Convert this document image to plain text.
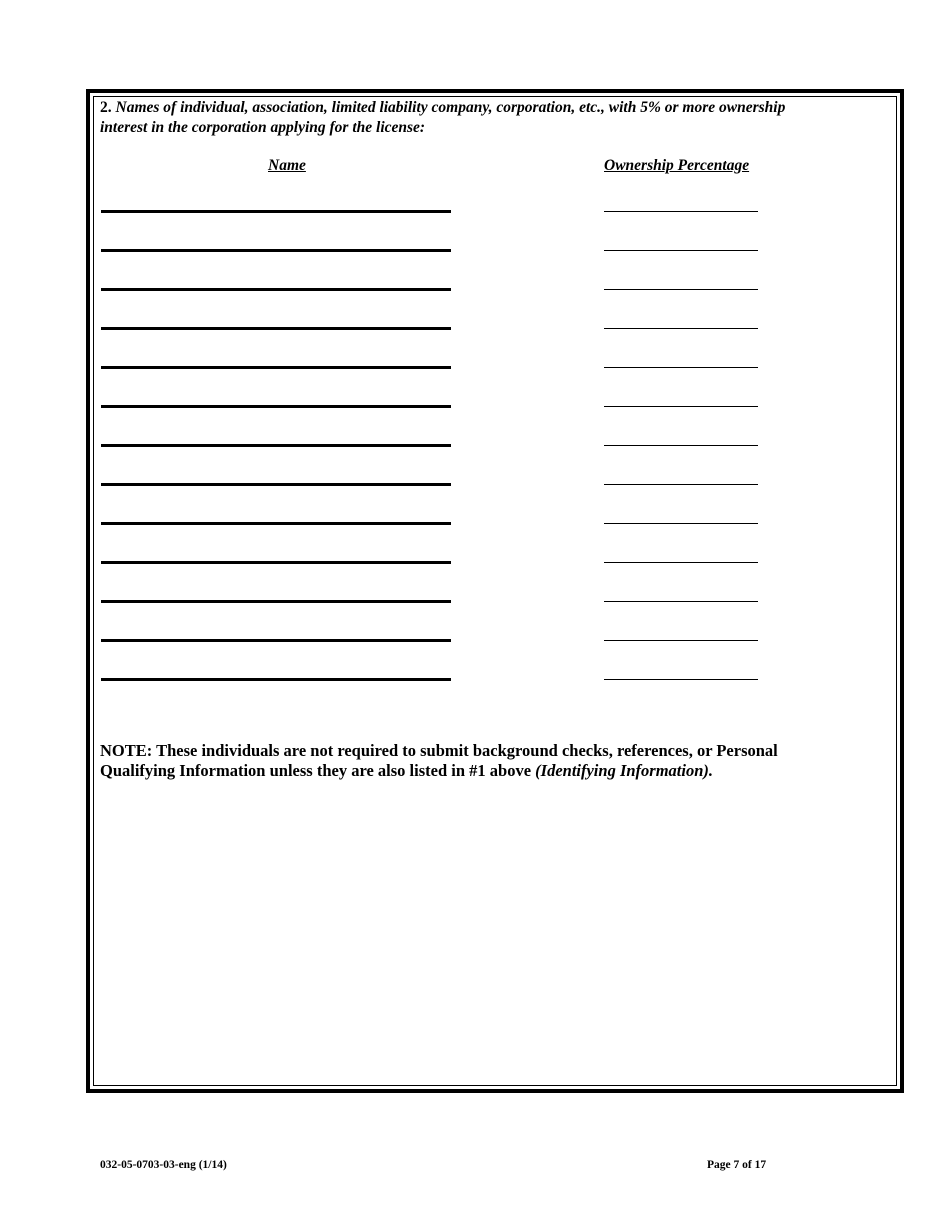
2. Names of individual, association, limited liability company, corporation, etc., with 5% or more ownership interest in the corporation applying for the license:
Name	Ownership Percentage
NOTE: These individuals are not required to submit background checks, references, or Personal Qualifying Information unless they are also listed in #1 above (Identifying Information).
032-05-0703-03-eng (1/14)	Page 7 of 17
